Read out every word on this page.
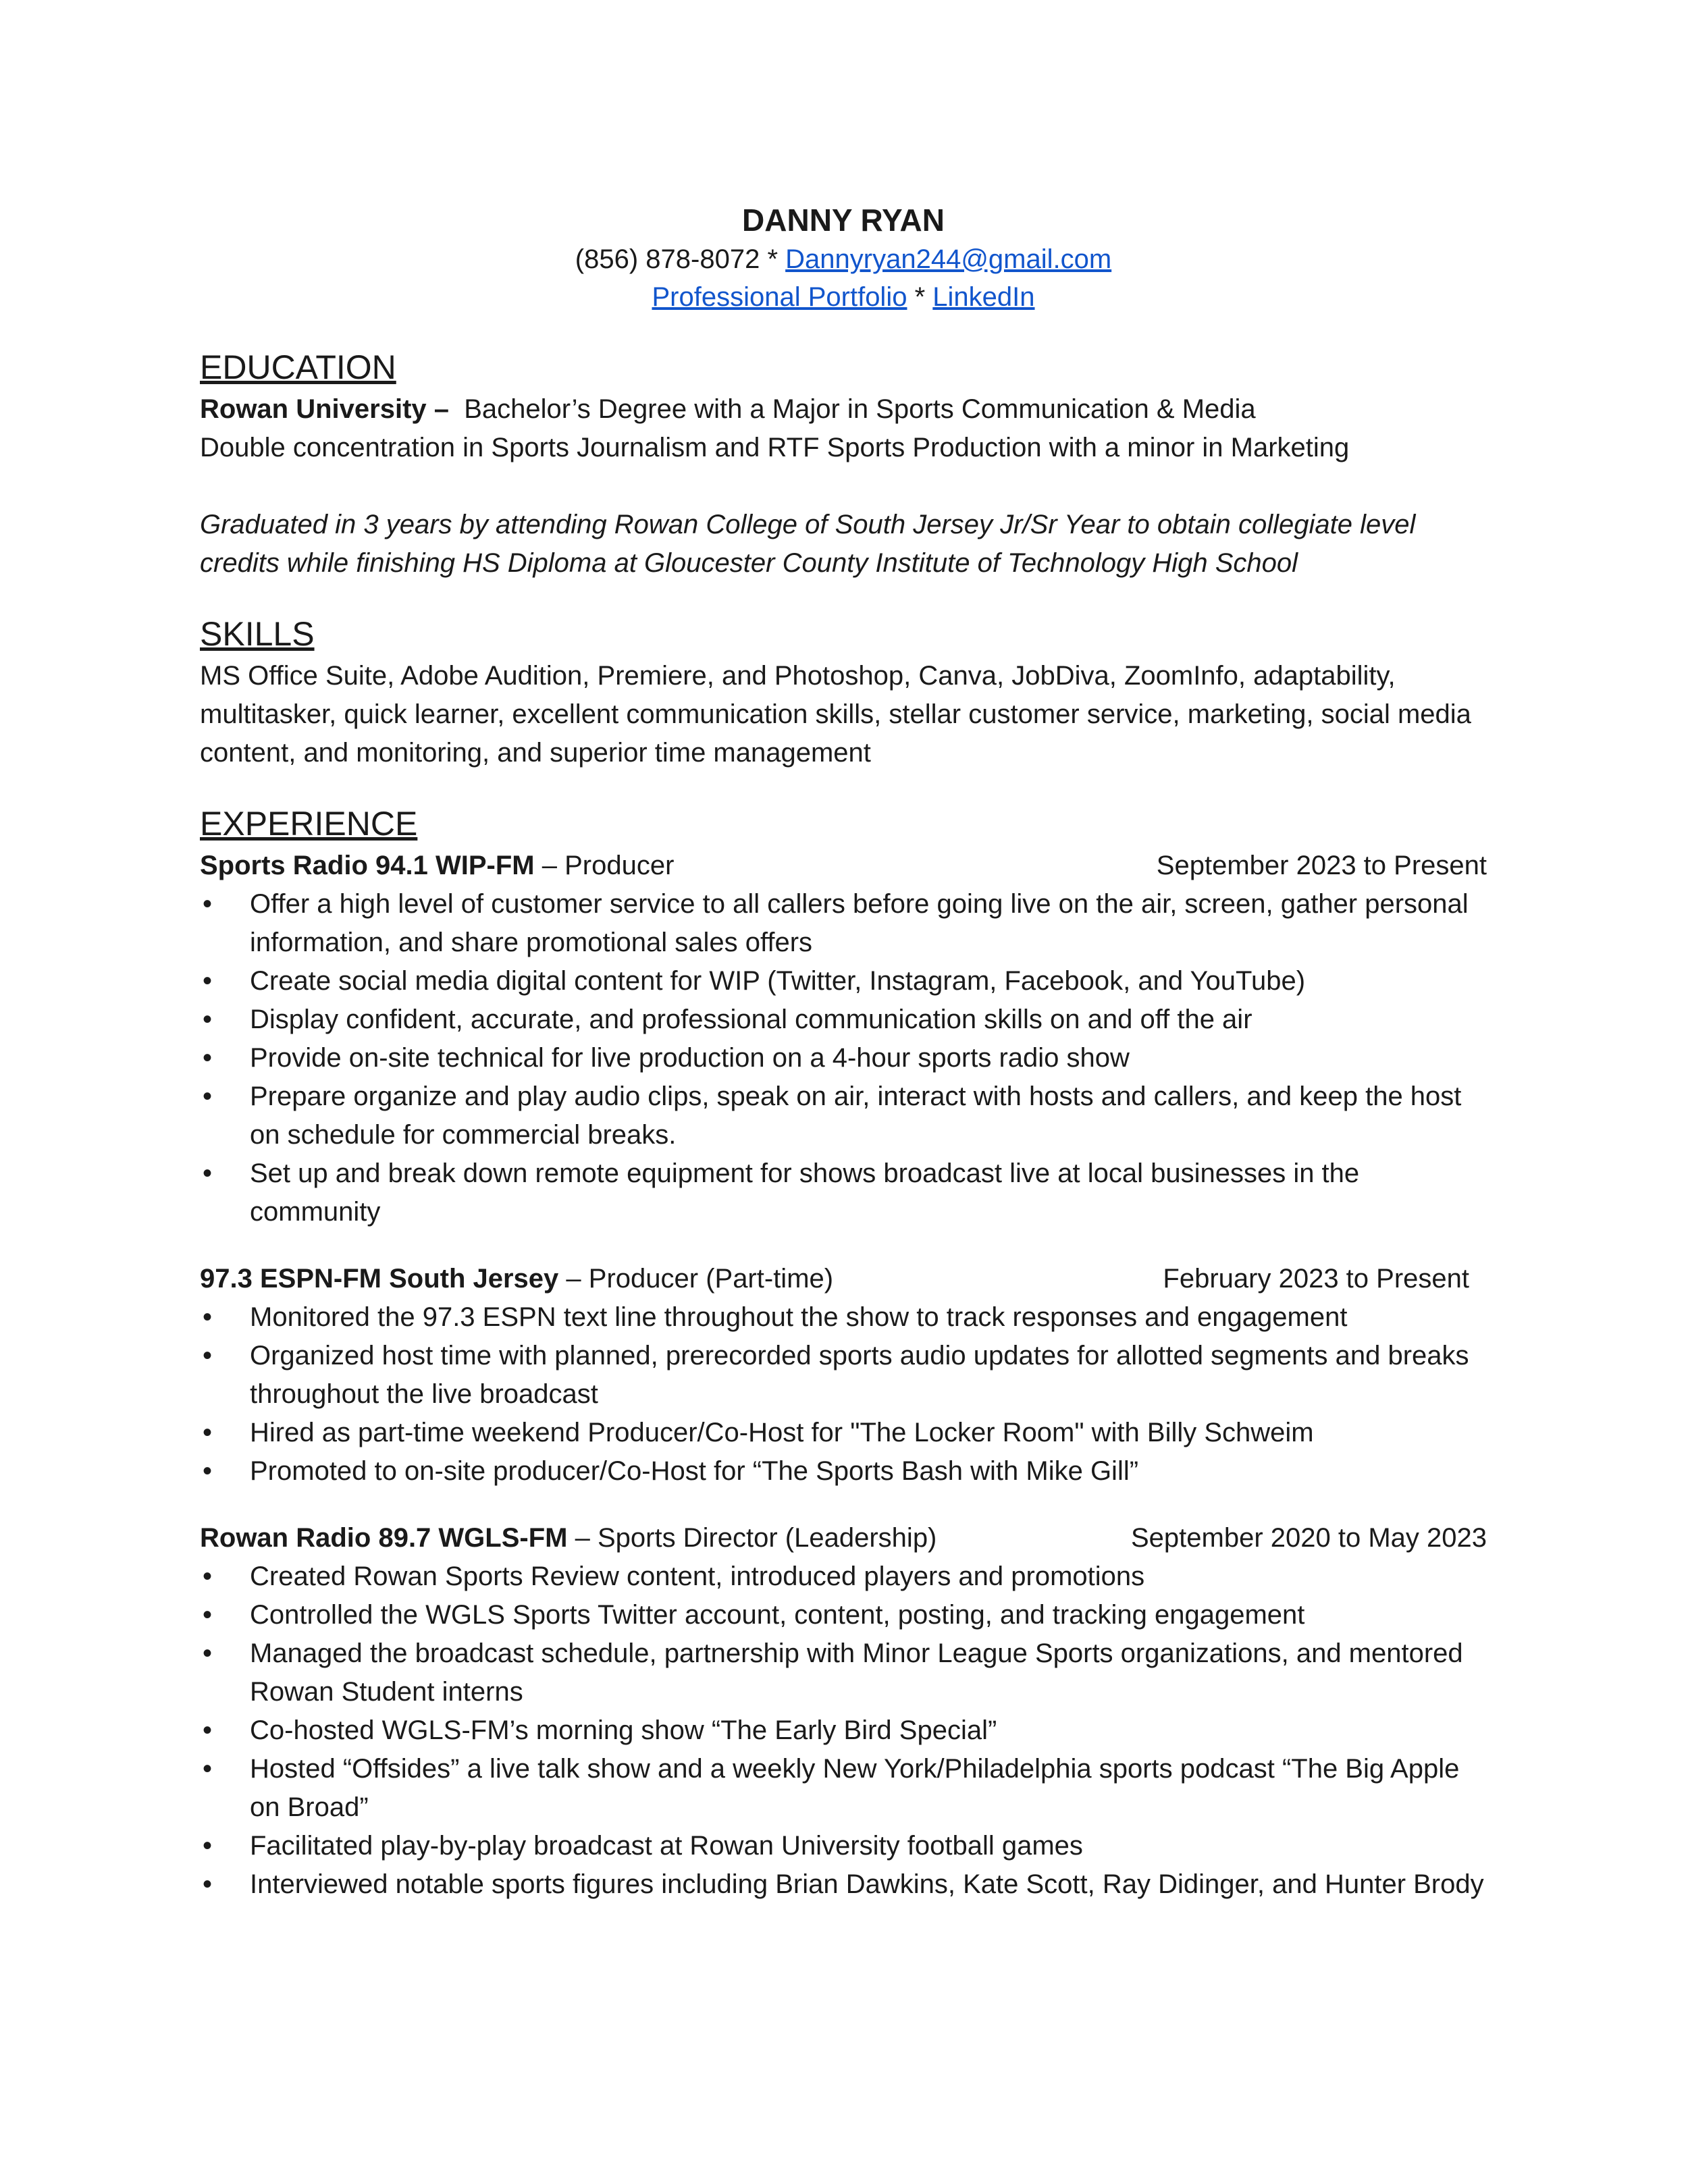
DANNY RYAN

(856) 878-8072 * Dannyryan244@gmail.com

Professional Portfolio * LinkedIn

EDUCATION

Rowan University – Bachelor’s Degree with a Major in Sports Communication & Media

Double concentration in Sports Journalism and RTF Sports Production with a minor in Marketing

Graduated in 3 years by attending Rowan College of South Jersey Jr/Sr Year to obtain collegiate level credits while finishing HS Diploma at Gloucester County Institute of Technology High School

SKILLS

MS Office Suite, Adobe Audition, Premiere, and Photoshop, Canva, JobDiva, ZoomInfo, adaptability, multitasker, quick learner, excellent communication skills, stellar customer service, marketing, social media content, and monitoring, and superior time management

EXPERIENCE

Sports Radio 94.1 WIP-FM – Producer	September 2023 to Present

• Offer a high level of customer service to all callers before going live on the air, screen, gather personal information, and share promotional sales offers
• Create social media digital content for WIP (Twitter, Instagram, Facebook, and YouTube)
• Display confident, accurate, and professional communication skills on and off the air
• Provide on-site technical for live production on a 4-hour sports radio show
• Prepare organize and play audio clips, speak on air, interact with hosts and callers, and keep the host on schedule for commercial breaks.
• Set up and break down remote equipment for shows broadcast live at local businesses in the community

97.3 ESPN-FM South Jersey – Producer (Part-time)	February 2023 to Present

• Monitored the 97.3 ESPN text line throughout the show to track responses and engagement
• Organized host time with planned, prerecorded sports audio updates for allotted segments and breaks throughout the live broadcast
• Hired as part-time weekend Producer/Co-Host for "The Locker Room" with Billy Schweim
• Promoted to on-site producer/Co-Host for “The Sports Bash with Mike Gill”

Rowan Radio 89.7 WGLS-FM – Sports Director (Leadership)	September 2020 to May 2023

• Created Rowan Sports Review content, introduced players and promotions
• Controlled the WGLS Sports Twitter account, content, posting, and tracking engagement
• Managed the broadcast schedule, partnership with Minor League Sports organizations, and mentored Rowan Student interns
• Co-hosted WGLS-FM’s morning show “The Early Bird Special”
• Hosted “Offsides” a live talk show and a weekly New York/Philadelphia sports podcast “The Big Apple on Broad”
• Facilitated play-by-play broadcast at Rowan University football games
• Interviewed notable sports figures including Brian Dawkins, Kate Scott, Ray Didinger, and Hunter Brody
